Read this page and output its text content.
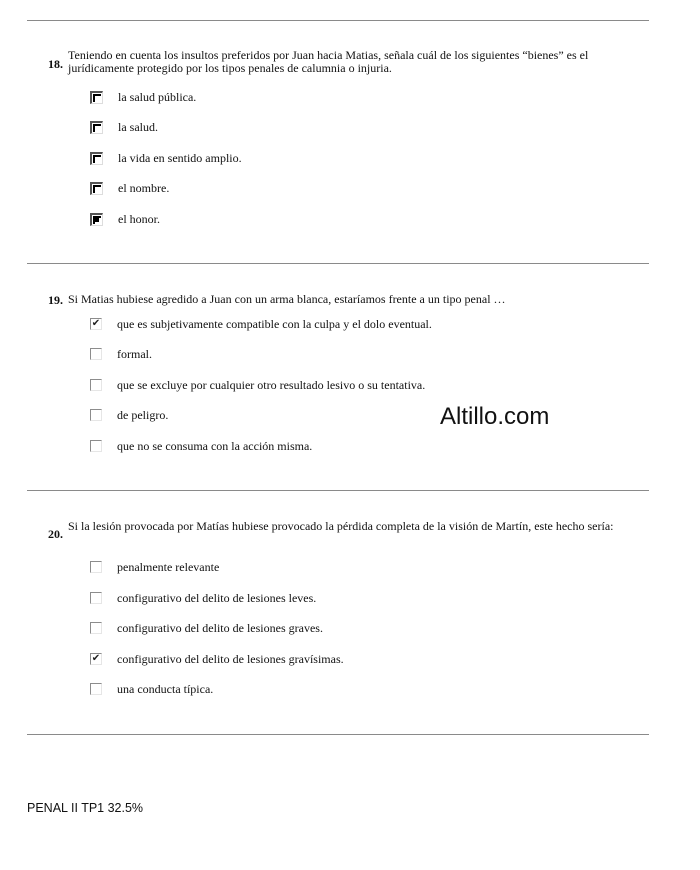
18.
Teniendo en cuenta los insultos preferidos por Juan hacia Matias, señala cuál de los siguientes “bienes” es el jurídicamente protegido por los tipos penales de calumnia o injuria.
la salud pública.
la salud.
la vida en sentido amplio.
el nombre.
el honor.
19. Si Matias hubiese agredido a Juan con un arma blanca, estaríamos frente a un tipo penal …
✔ que es subjetivamente compatible con la culpa y el dolo eventual.
formal.
que se excluye por cualquier otro resultado lesivo o su tentativa.
de peligro.
que no se consuma con la acción misma.
Altillo.com
20.
Si la lesión provocada por Matías hubiese provocado la pérdida completa de la visión de Martín, este hecho sería:
penalmente relevante
configurativo del delito de lesiones leves.
configurativo del delito de lesiones graves.
✔ configurativo del delito de lesiones gravísimas.
una conducta típica.
PENAL II TP1 32.5%
